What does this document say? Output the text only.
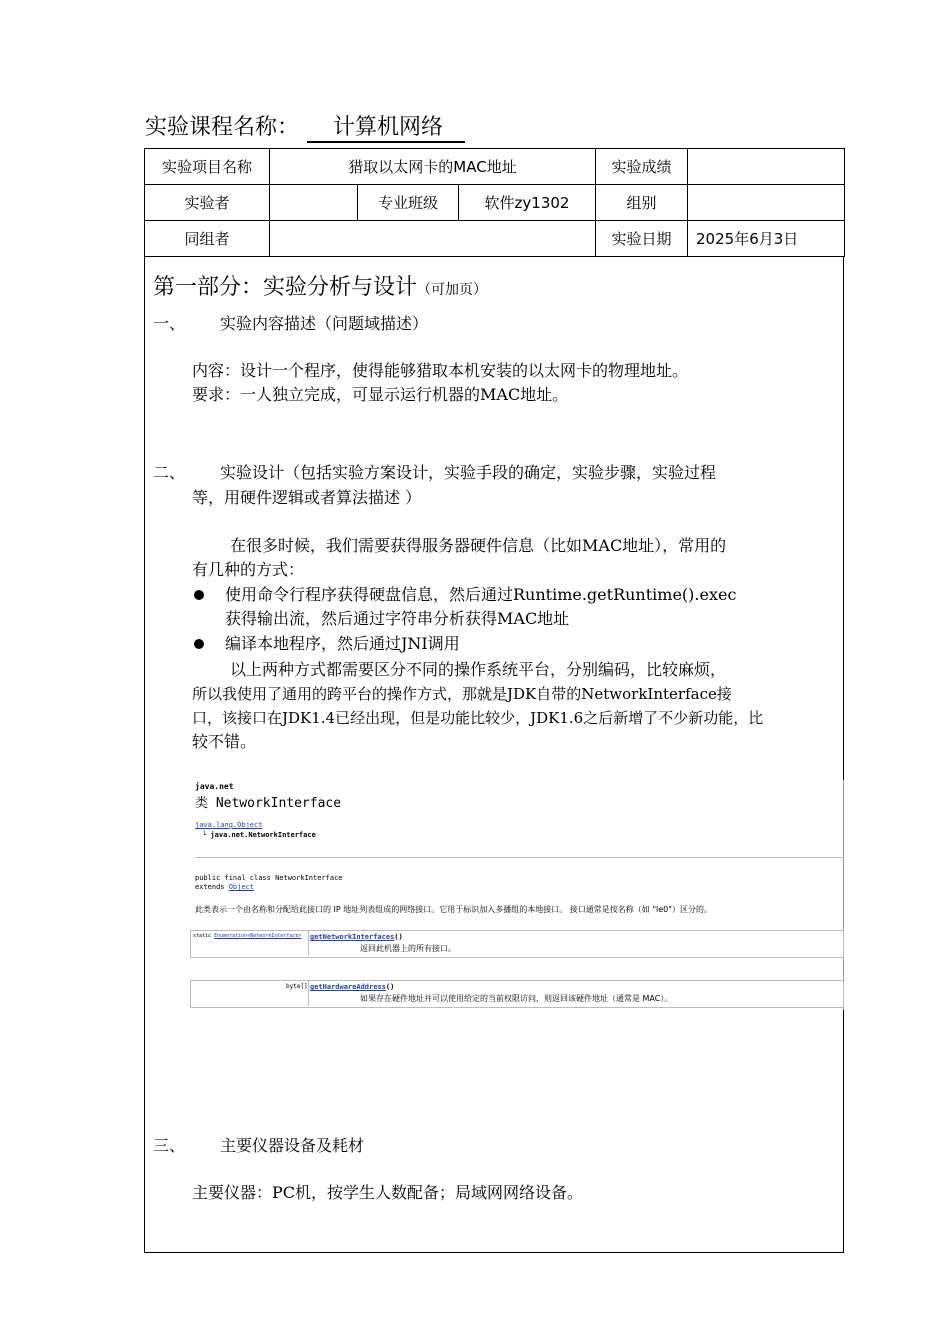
实验课程名称： 计算机网络
实验项目名称	猎取以太网卡的MAC地址			实验成绩	
实验者		专业班级	软件zy1302	组别	
同组者				实验日期	2025年6月3日
第一部分：实验分析与设计（可加页）
一、 实验内容描述（问题域描述）
内容：设计一个程序，使得能够猎取本机安装的以太网卡的物理地址。
要求：一人独立完成，可显示运行机器的MAC地址。
二、 实验设计（包括实验方案设计，实验手段的确定，实验步骤，实验过程
等，用硬件逻辑或者算法描述 ）
在很多时候，我们需要获得服务器硬件信息（比如MAC地址），常用的
有几种的方式：
使用命令行程序获得硬盘信息，然后通过Runtime.getRuntime().exec
获得输出流，然后通过字符串分析获得MAC地址
编译本地程序，然后通过JNI调用
以上两种方式都需要区分不同的操作系统平台，分别编码，比较麻烦，
所以我使用了通用的跨平台的操作方式，那就是JDK自带的NetworkInterface接
口，该接口在JDK1.4已经出现，但是功能比较少，JDK1.6之后新增了不少新功能，比
较不错。
java.net
类 NetworkInterface
java.lang.Object
└ java.net.NetworkInterface
public final class NetworkInterface
extends Object
此类表示一个由名称和分配给此接口的 IP 地址列表组成的网络接口。它用于标识加入多播组的本地接口。 接口通常是按名称（如 "le0"）区分的。
static Enumeration<NetworkInterface> getNetworkInterfaces()
返回此机器上的所有接口。
byte[] getHardwareAddress()
如果存在硬件地址并可以使用给定的当前权限访问，则返回该硬件地址（通常是 MAC）。
三、 主要仪器设备及耗材
主要仪器：PC机，按学生人数配备；局域网网络设备。
